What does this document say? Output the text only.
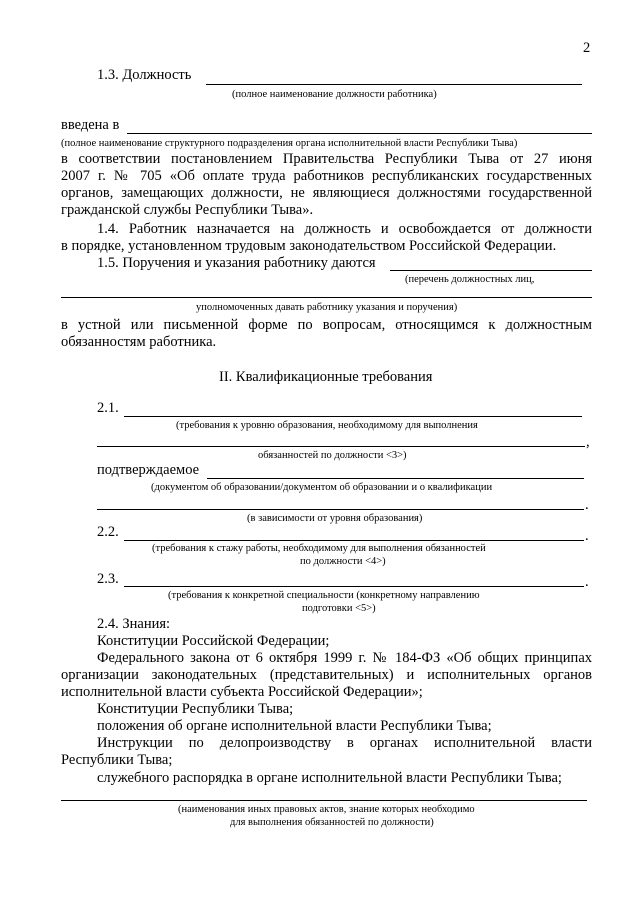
2
1.3. Должность
(полное наименование должности работника)
введена в
(полное наименование структурного подразделения органа исполнительной власти Республики Тыва)
в соответствии постановлением Правительства Республики Тыва от 27 июня
2007 г. № 705 «Об оплате труда работников республиканских государственных
органов, замещающих должности, не являющиеся должностями государственной
гражданской службы Республики Тыва».
1.4. Работник назначается на должность и освобождается от должности
в порядке, установленном трудовым законодательством Российской Федерации.
1.5. Поручения и указания работнику даются
(перечень должностных лиц,
уполномоченных давать работнику указания и поручения)
в устной или письменной форме по вопросам, относящимся к должностным
обязанностям работника.
II. Квалификационные требования
2.1.
(требования к уровню образования, необходимому для выполнения
,
обязанностей по должности <3>)
подтверждаемое
(документом об образовании/документом об образовании и о квалификации
.
(в зависимости от уровня образования)
2.2.	.
(требования к стажу работы, необходимому для выполнения обязанностей
по должности <4>)
2.3.	.
(требования к конкретной специальности (конкретному направлению
подготовки <5>)
2.4. Знания:
Конституции Российской Федерации;
Федерального закона от 6 октября 1999 г. № 184-ФЗ «Об общих принципах
организации законодательных (представительных) и исполнительных органов
исполнительной власти субъекта Российской Федерации»;
Конституции Республики Тыва;
положения об органе исполнительной власти Республики Тыва;
Инструкции по делопроизводству в органах исполнительной власти
Республики Тыва;
служебного распорядка в органе исполнительной власти Республики Тыва;
(наименования иных правовых актов, знание которых необходимо
для выполнения обязанностей по должности)
